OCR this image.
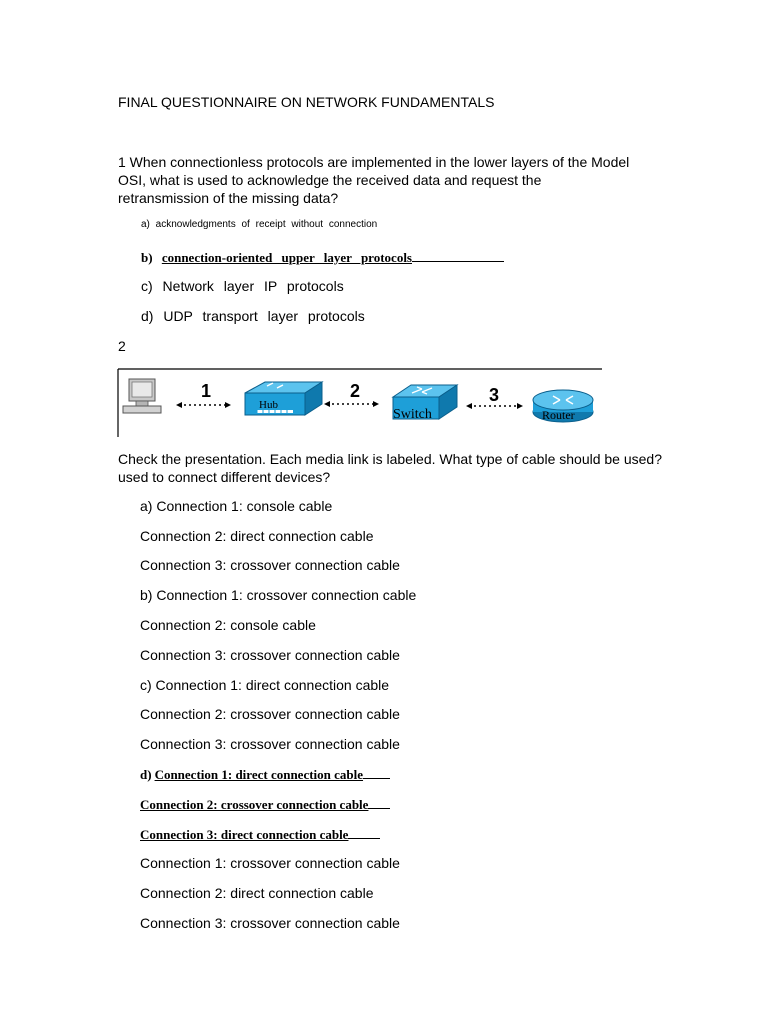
FINAL QUESTIONNAIRE ON NETWORK FUNDAMENTALS
1 When connectionless protocols are implemented in the lower layers of the Model
OSI, what is used to acknowledge the received data and request the
retransmission of the missing data?
a) acknowledgments of receipt without connection
b) connection-oriented upper layer protocols
c) Network layer IP protocols
d) UDP transport layer protocols
2
1
Hub
2
Switch
3
Router
Check the presentation. Each media link is labeled. What type of cable should be used?
used to connect different devices?
a) Connection 1: console cable
Connection 2: direct connection cable
Connection 3: crossover connection cable
b) Connection 1: crossover connection cable
Connection 2: console cable
Connection 3: crossover connection cable
c) Connection 1: direct connection cable
Connection 2: crossover connection cable
Connection 3: crossover connection cable
d) Connection 1: direct connection cable
Connection 2: crossover connection cable
Connection 3: direct connection cable
Connection 1: crossover connection cable
Connection 2: direct connection cable
Connection 3: crossover connection cable
